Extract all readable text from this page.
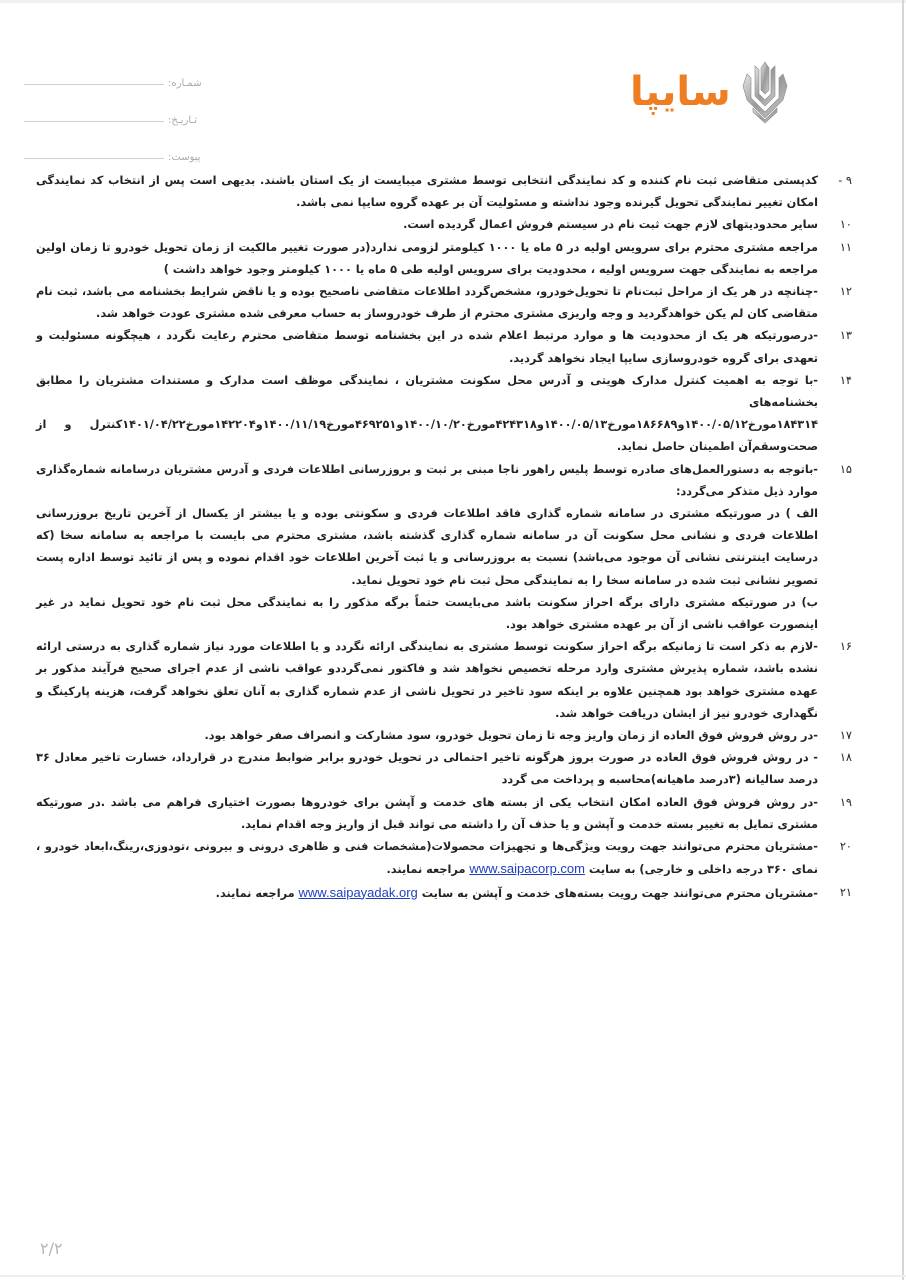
شمـاره:
تـاریـخ:
پیوست:
سایپا
۹ -

کدپستی متقاضی ثبت نام کننده و کد نمایندگی انتخابی توسط مشتری میبایست از یک استان باشند. بدیهی است پس از انتخاب کد نمایندگی امکان تغییر نمایندگی تحویل گیرنده وجود نداشته و مسئولیت آن بر عهده گروه سایپا نمی باشد.

۱۰

سایر محدودیتهای لازم جهت ثبت نام در سیستم فروش اعمال گردیده است.

۱۱

مراجعه مشتری محترم برای سرویس اولیه در ۵ ماه یا ۱۰۰۰ کیلومتر لزومی ندارد(در صورت تغییر مالکیت از زمان تحویل خودرو تا زمان اولین مراجعه به نمایندگی جهت سرویس اولیه ، محدودیت برای سرویس اولیه طی ۵ ماه یا ۱۰۰۰ کیلومتر وجود خواهد داشت )

۱۲

-چنانچه در هر یک از مراحل ثبت‌نام تا تحویل‌خودرو، مشخص‌گردد اطلاعات متقاضی ناصحیح بوده و یا ناقض شرایط بخشنامه می باشد، ثبت نام متقاضی کان لم یکن خواهدگردید و وجه واریزی مشتری محترم از طرف خودروساز به حساب معرفی شده مشتری عودت خواهد شد.

۱۳

-درصورتیکه هر یک از محدودیت ها و موارد مرتبط اعلام شده در این بخشنامه توسط متقاضی محترم رعایت نگردد ، هیچگونه مسئولیت و تعهدی برای گروه خودروسازی سایپا ایجاد نخواهد گردید.

۱۴

-با توجه به اهمیت کنترل مدارک هویتی و آدرس محل سکونت مشتریان ، نمایندگی موظف است مدارک و مستندات مشتریان را مطابق بخشنامه‌های ۱۸۴۳۱۴مورخ۱۴۰۰/۰۵/۱۲و۱۸۶۶۸۹مورخ۱۴۰۰/۰۵/۱۳و۴۲۴۳۱۸مورخ۱۴۰۰/۱۰/۲۰و۴۶۹۲۵۱مورخ۱۴۰۰/۱۱/۱۹و۱۴۲۲۰۴مورخ۱۴۰۱/۰۴/۲۲کنترل و از صحت‌وسقم‌آن اطمینان حاصل نماید.

۱۵

-باتوجه به دستورالعمل‌های صادره توسط پلیس راهور ناجا مبنی بر ثبت و بروزرسانی اطلاعات فردی و آدرس مشتریان درسامانه شماره‌گذاری موارد ذیل متذکر می‌گردد:

الف ) در صورتیکه مشتری در سامانه شماره گذاری فاقد اطلاعات فردی و سکونتی بوده و یا بیشتر از یکسال از آخرین تاریخ بروزرسانی اطلاعات فردی و نشانی محل سکونت آن در سامانه شماره گذاری گذشته باشد، مشتری محترم می بایست با مراجعه به سامانه سخا (که درسایت اینترنتی نشانی آن موجود می‌باشد) نسبت به بروزرسانی و یا ثبت آخرین اطلاعات خود اقدام نموده و پس از تائید توسط اداره پست تصویر نشانی ثبت شده در سامانه سخا را به نمایندگی محل ثبت نام خود تحویل نماید.

ب) در صورتیکه مشتری دارای برگه احراز سکونت باشد می‌بایست حتماً برگه مذکور را به نمایندگی محل ثبت نام خود تحویل نماید در غیر اینصورت عواقب ناشی از آن بر عهده مشتری خواهد بود.

۱۶

-لازم به ذکر است تا زمانیکه برگه احراز سکونت توسط مشتری به نمایندگی ارائه نگردد و یا اطلاعات مورد نیاز شماره گذاری به درستی ارائه نشده باشد، شماره پذیرش مشتری وارد مرحله تخصیص نخواهد شد و فاکتور نمی‌گرددو عواقب ناشی از عدم اجرای صحیح فرآیند مذکور بر عهده مشتری خواهد بود همچنین علاوه بر اینکه سود تاخیر در تحویل ناشی از عدم شماره گذاری به آنان تعلق نخواهد گرفت، هزینه پارکینگ و نگهداری خودرو نیز از ایشان دریافت خواهد شد.

۱۷

-در روش فروش فوق العاده از زمان واریز وجه تا زمان تحویل خودرو، سود مشارکت و انصراف صفر خواهد بود.

۱۸

- در روش فروش فوق العاده در صورت بروز هرگونه تاخیر احتمالی در تحویل خودرو برابر ضوابط مندرج در قرارداد، خسارت تاخیر معادل ۳۶ درصد سالیانه (۳درصد ماهیانه)محاسبه و پرداخت می گردد

۱۹

-در روش فروش فوق العاده امکان انتخاب یکی از بسته های خدمت و آپشن برای خودروها بصورت اختیاری فراهم می باشد .در صورتیکه مشتری تمایل به تغییر بسته خدمت و آپشن و یا حذف آن را داشته می تواند قبل از واریز وجه اقدام نماید.

۲۰

-مشتریان محترم می‌توانند جهت رویت ویژگی‌ها و تجهیزات محصولات(مشخصات فنی و ظاهری درونی و بیرونی ،تودوزی،رینگ،ابعاد خودرو ، نمای ۳۶۰ درجه داخلی و خارجی) به سایت www.saipacorp.com مراجعه نمایند.

۲۱

-مشتریان محترم می‌توانند جهت رویت بسته‌های خدمت و آپشن به سایت www.saipayadak.org مراجعه نمایند.

۲/۲
